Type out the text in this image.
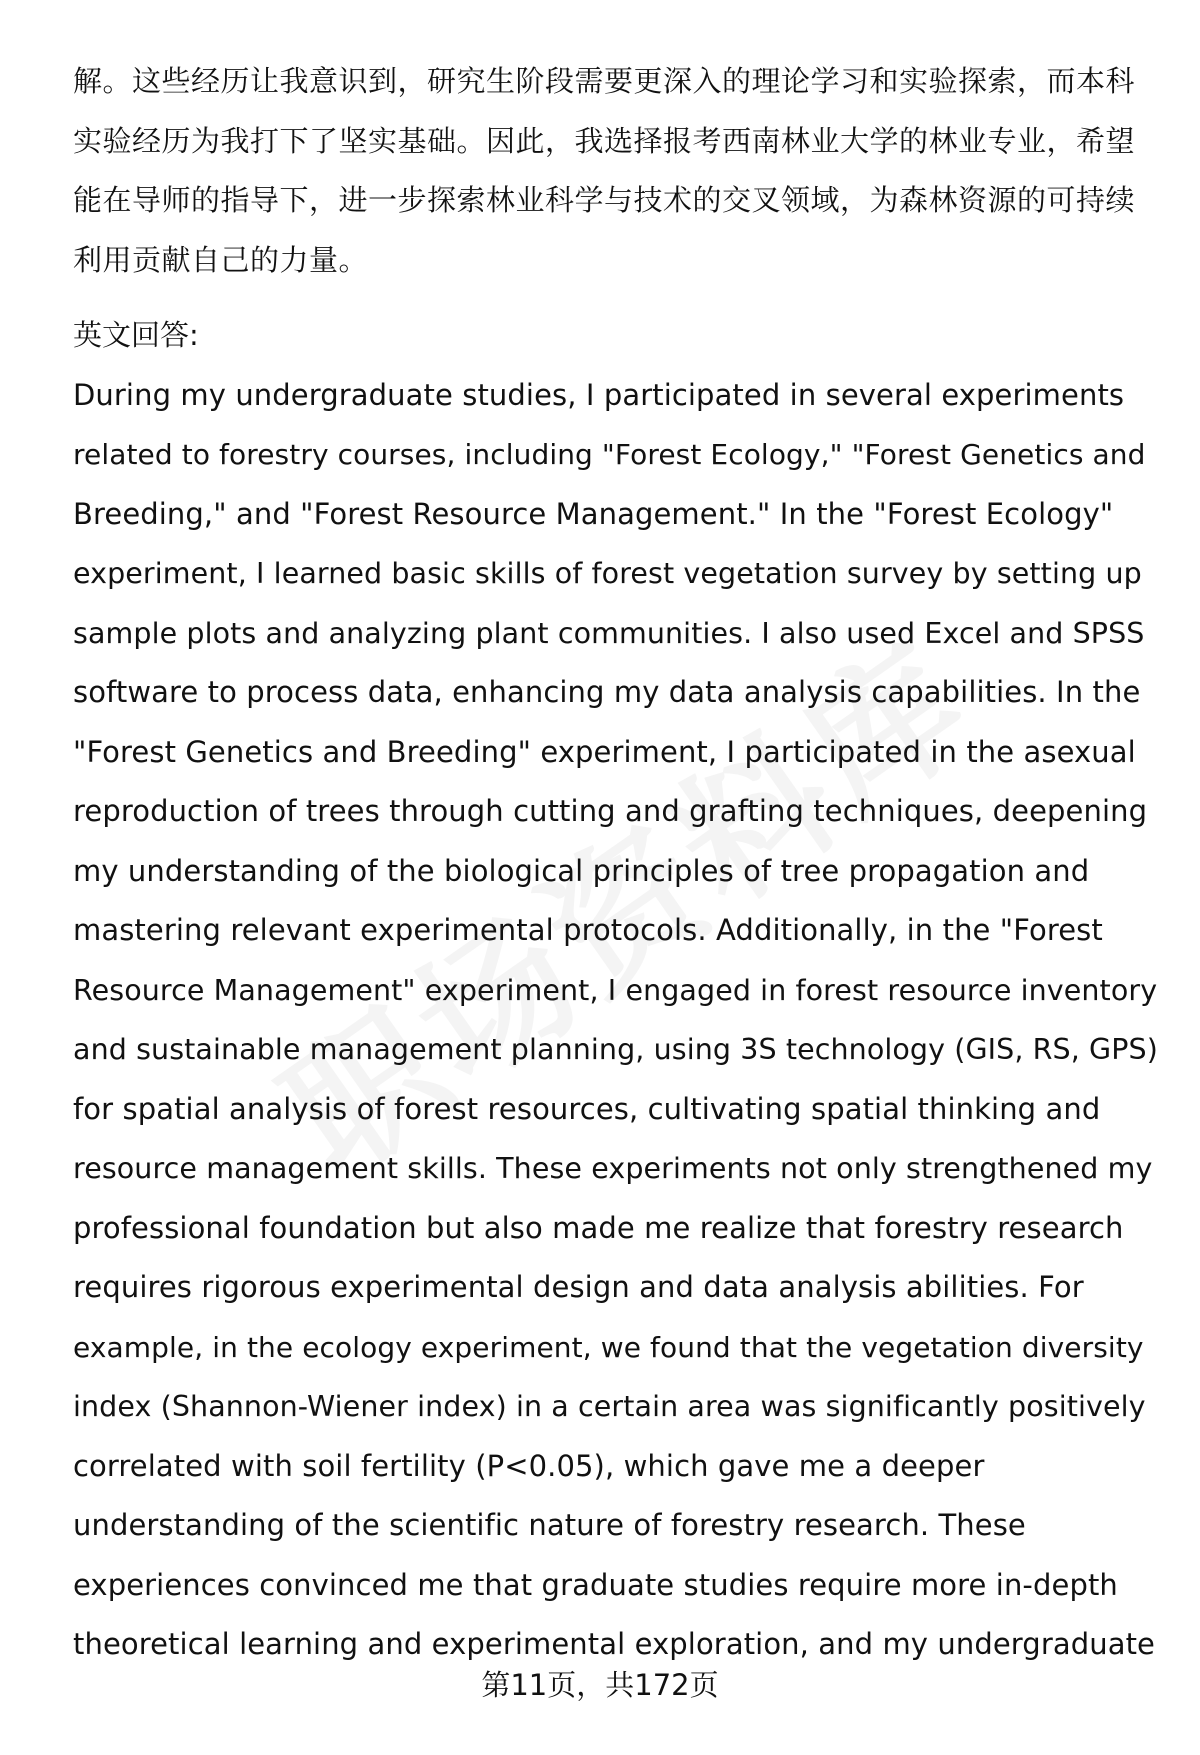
解。这些经历让我意识到，研究生阶段需要更深入的理论学习和实验探索，而本科
实验经历为我打下了坚实基础。因此，我选择报考西南林业大学的林业专业，希望
能在导师的指导下，进一步探索林业科学与技术的交叉领域，为森林资源的可持续
利用贡献自己的力量。

英文回答:

During my undergraduate studies, I participated in several experiments
related to forestry courses, including "Forest Ecology," "Forest Genetics and
Breeding," and "Forest Resource Management." In the "Forest Ecology"
experiment, I learned basic skills of forest vegetation survey by setting up
sample plots and analyzing plant communities. I also used Excel and SPSS
software to process data, enhancing my data analysis capabilities. In the
"Forest Genetics and Breeding" experiment, I participated in the asexual
reproduction of trees through cutting and grafting techniques, deepening
my understanding of the biological principles of tree propagation and
mastering relevant experimental protocols. Additionally, in the "Forest
Resource Management" experiment, I engaged in forest resource inventory
and sustainable management planning, using 3S technology (GIS, RS, GPS)
for spatial analysis of forest resources, cultivating spatial thinking and
resource management skills. These experiments not only strengthened my
professional foundation but also made me realize that forestry research
requires rigorous experimental design and data analysis abilities. For
example, in the ecology experiment, we found that the vegetation diversity
index (Shannon-Wiener index) in a certain area was significantly positively
correlated with soil fertility (P<0.05), which gave me a deeper
understanding of the scientific nature of forestry research. These
experiences convinced me that graduate studies require more in-depth
theoretical learning and experimental exploration, and my undergraduate

第11页，共172页
